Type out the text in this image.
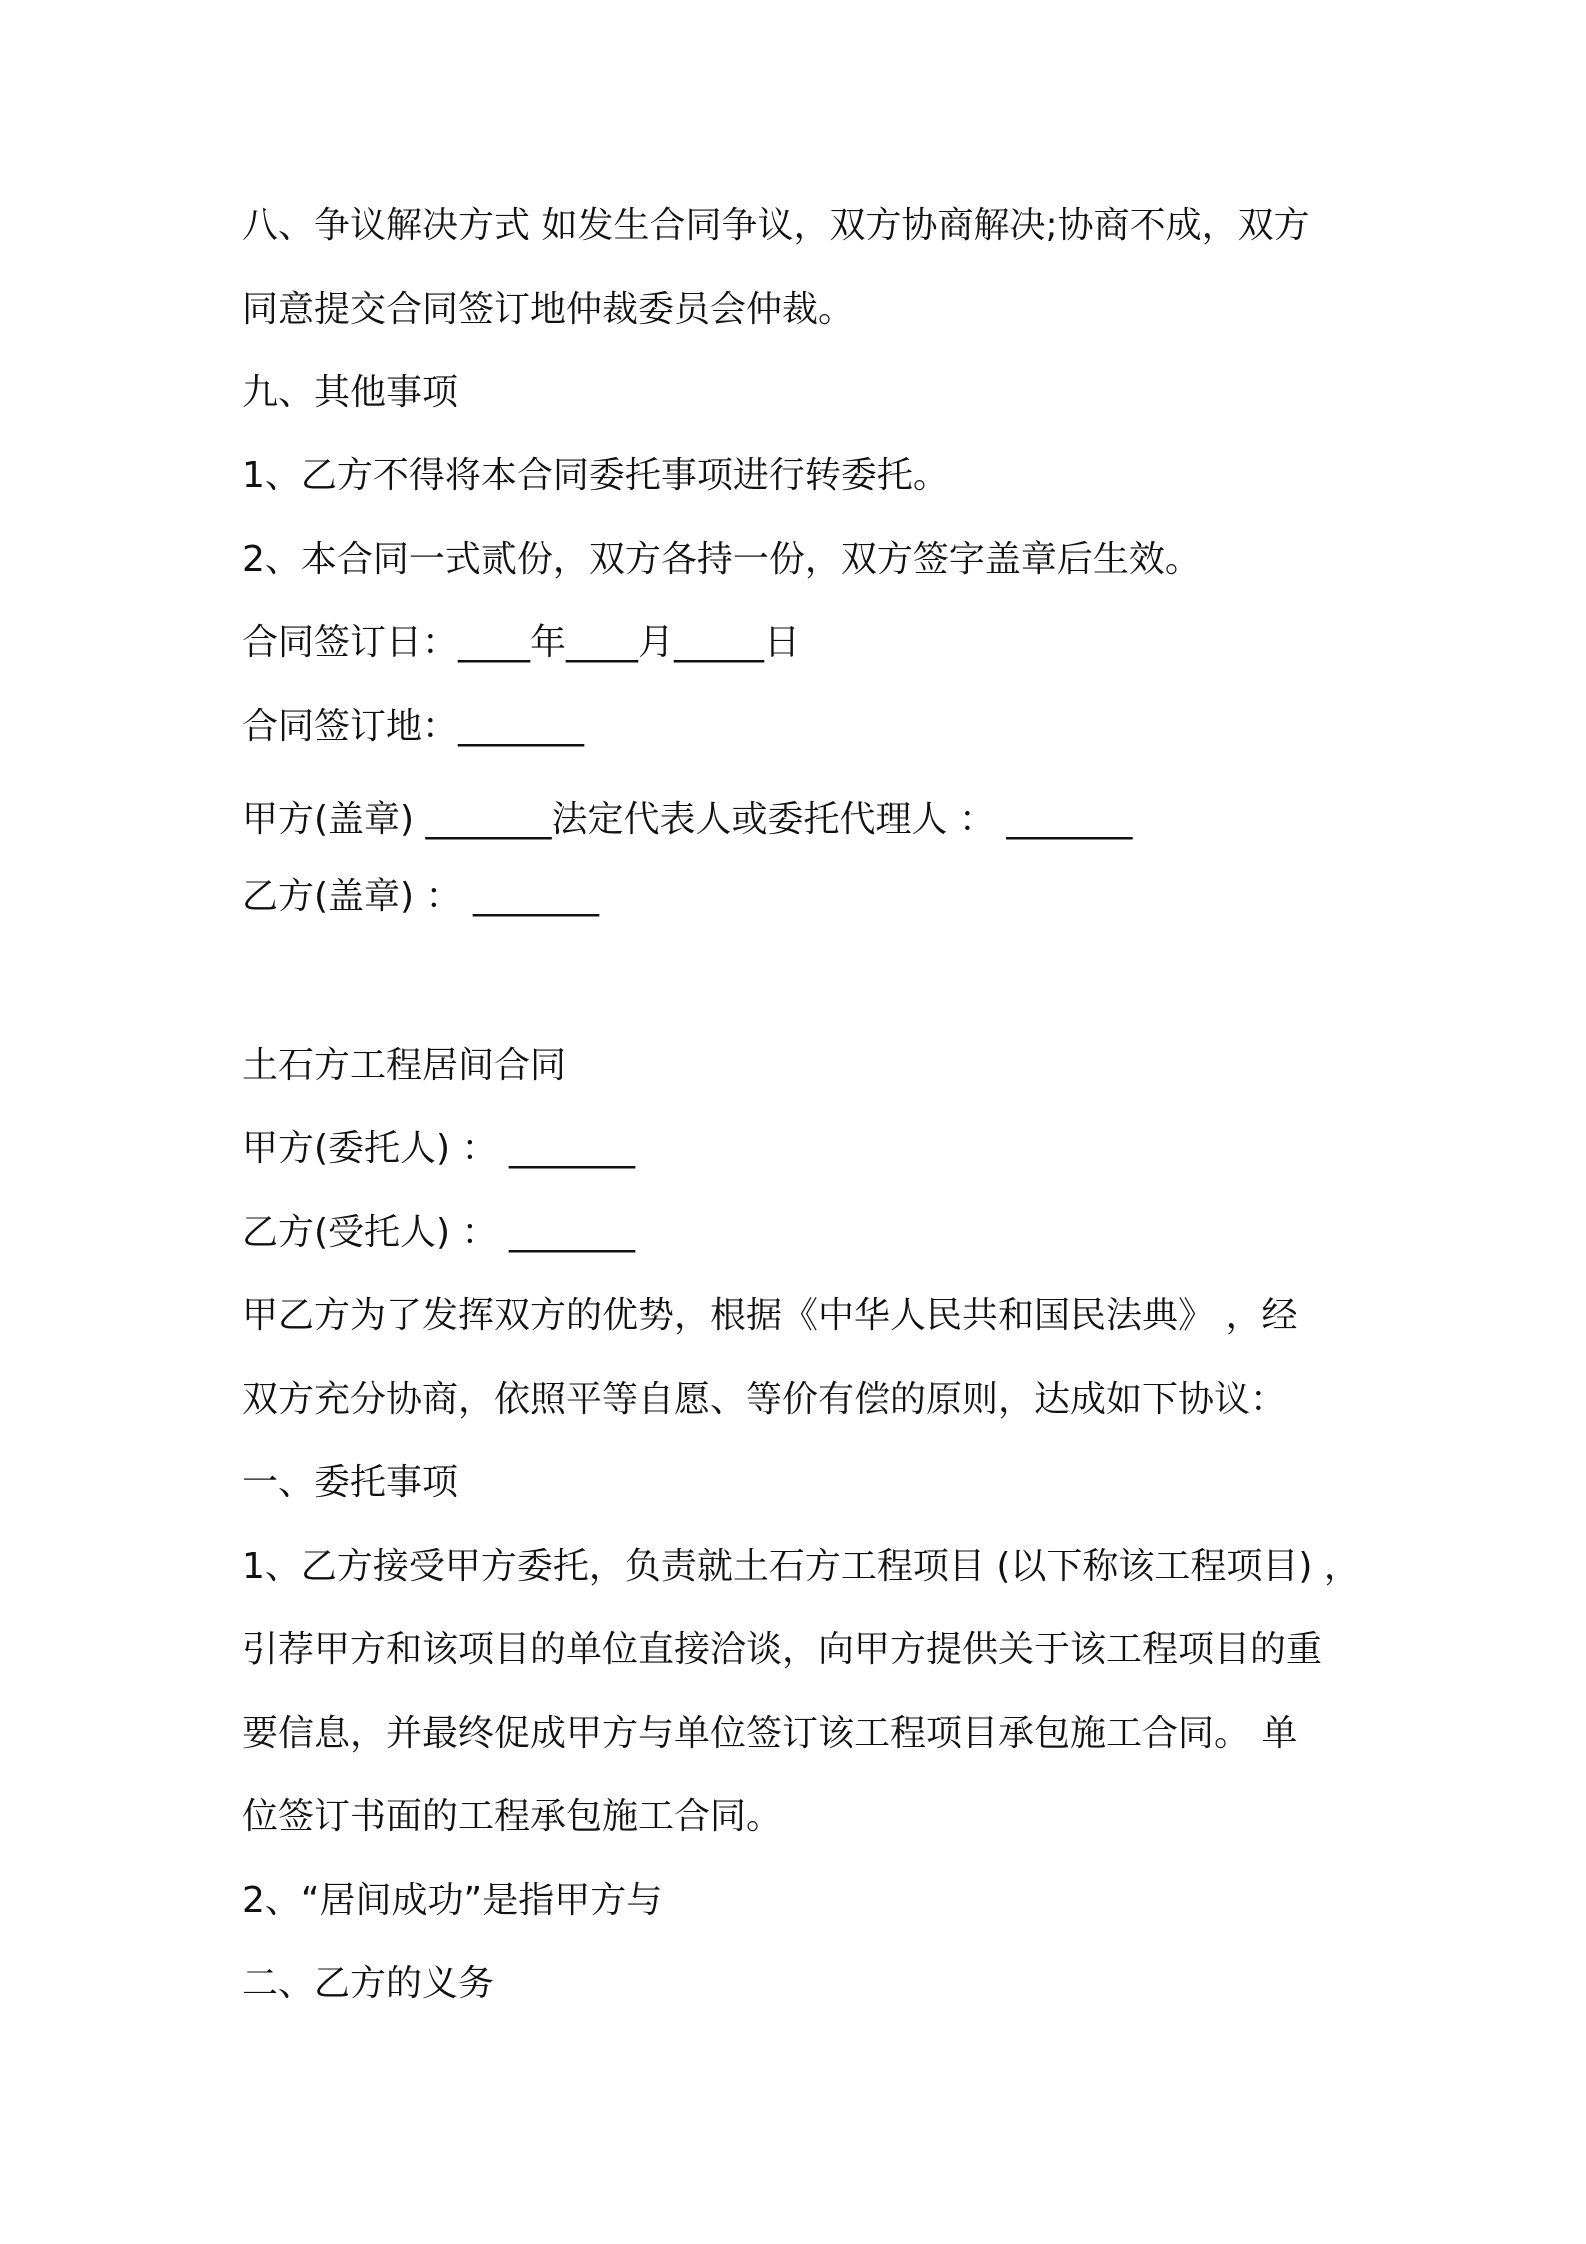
八、争议解决方式 如发生合同争议，双方协商解决;协商不成，双方
同意提交合同签订地仲裁委员会仲裁。
九、其他事项
1、乙方不得将本合同委托事项进行转委托。
2、本合同一式贰份，双方各持一份，双方签字盖章后生效。
合同签订日：____年____月_____日
合同签订地：_______
甲方(盖章) _______法定代表人或委托代理人 ： _______
乙方(盖章) ： _______
土石方工程居间合同
甲方(委托人) ： _______
乙方(受托人) ： _______
甲乙方为了发挥双方的优势，根据《中华人民共和国民法典》 ，经
双方充分协商，依照平等自愿、等价有偿的原则，达成如下协议：
一、委托事项
1、乙方接受甲方委托，负责就土石方工程项目 (以下称该工程项目) ，
引荐甲方和该项目的单位直接洽谈，向甲方提供关于该工程项目的重
要信息，并最终促成甲方与单位签订该工程项目承包施工合同。 单
位签订书面的工程承包施工合同。
2、“居间成功”是指甲方与
二、乙方的义务
